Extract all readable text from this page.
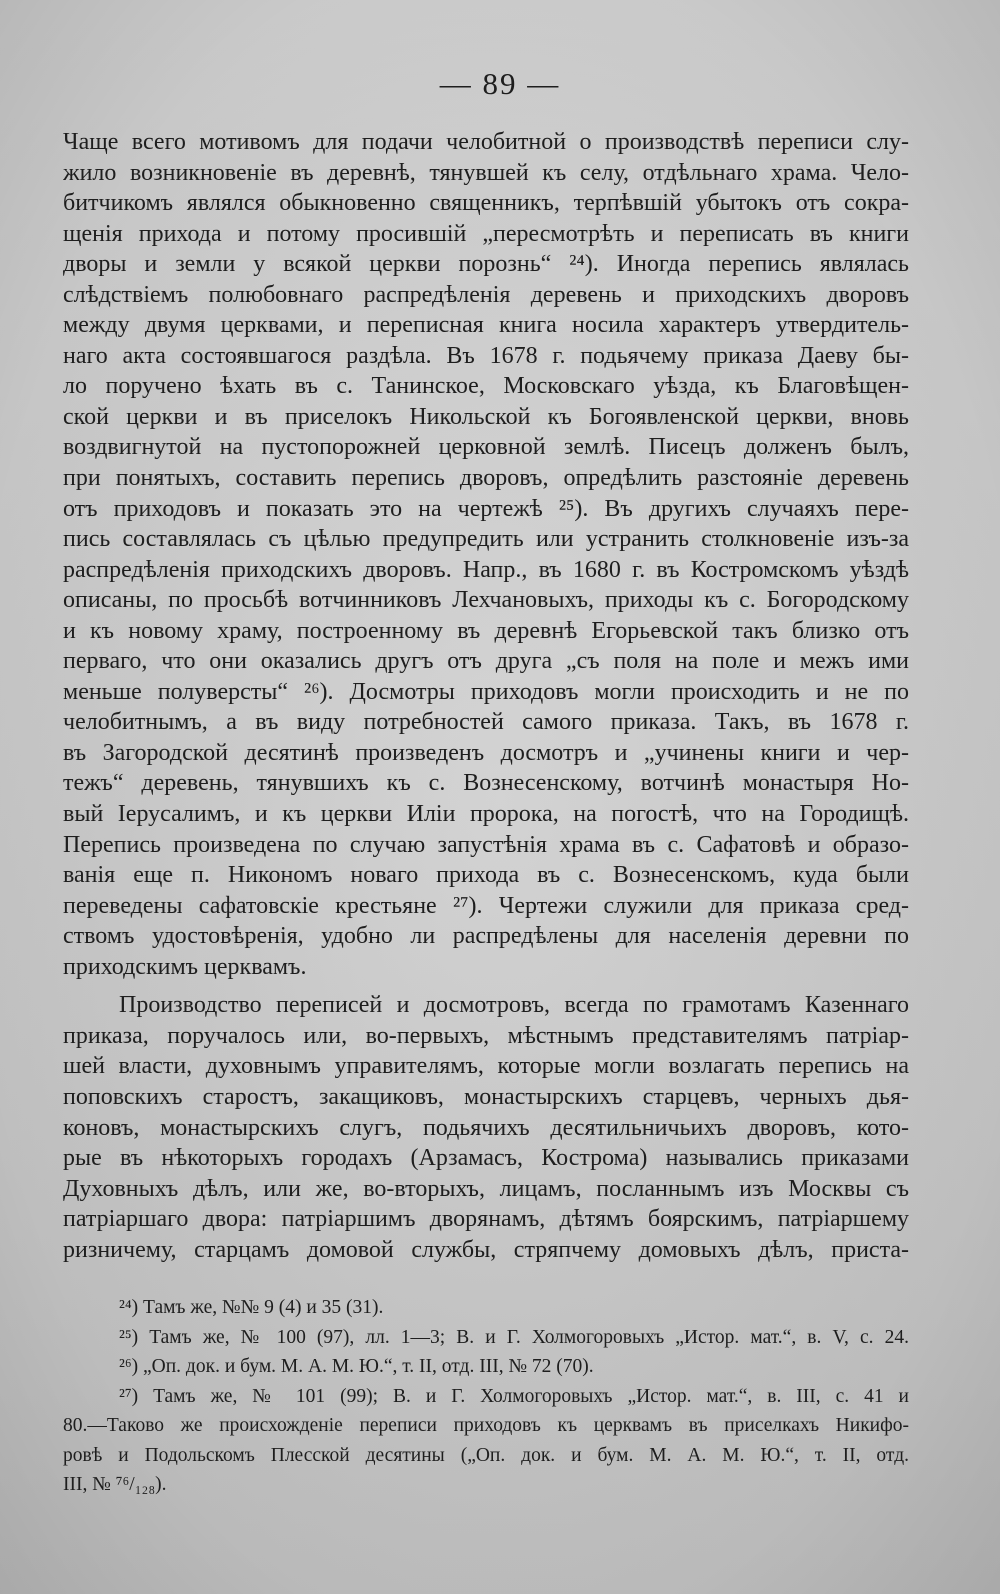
— 89 —
Чаще всего мотивомъ для подачи челобитной о производствѣ переписи слу-
жило возникновеніе въ деревнѣ, тянувшей къ селу, отдѣльнаго храма. Чело-
битчикомъ являлся обыкновенно священникъ, терпѣвшій убытокъ отъ сокра-
щенія прихода и потому просившій „пересмотрѣть и переписать въ книги
дворы и земли у всякой церкви порознь“ ²⁴). Иногда перепись являлась
слѣдствіемъ полюбовнаго распредѣленія деревень и приходскихъ дворовъ
между двумя церквами, и переписная книга носила характеръ утвердитель-
наго акта состоявшагося раздѣла. Въ 1678 г. подьячему приказа Даеву бы-
ло поручено ѣхать въ с. Танинское, Московскаго уѣзда, къ Благовѣщен-
ской церкви и въ приселокъ Никольской къ Богоявленской церкви, вновь
воздвигнутой на пустопорожней церковной землѣ. Писецъ долженъ былъ,
при понятыхъ, составить перепись дворовъ, опредѣлить разстояніе деревень
отъ приходовъ и показать это на чертежѣ ²⁵). Въ другихъ случаяхъ пере-
пись составлялась съ цѣлью предупредить или устранить столкновеніе изъ-за
распредѣленія приходскихъ дворовъ. Напр., въ 1680 г. въ Костромскомъ уѣздѣ
описаны, по просьбѣ вотчинниковъ Лехчановыхъ, приходы къ с. Богородскому
и къ новому храму, построенному въ деревнѣ Егорьевской такъ близко отъ
перваго, что они оказались другъ отъ друга „съ поля на поле и межъ ими
меньше полуверсты“ ²⁶). Досмотры приходовъ могли происходить и не по
челобитнымъ, а въ виду потребностей самого приказа. Такъ, въ 1678 г.
въ Загородской десятинѣ произведенъ досмотръ и „учинены книги и чер-
тежъ“ деревень, тянувшихъ къ с. Вознесенскому, вотчинѣ монастыря Но-
вый Іерусалимъ, и къ церкви Иліи пророка, на погостѣ, что на Городищѣ.
Перепись произведена по случаю запустѣнія храма въ с. Сафатовѣ и образо-
ванія еще п. Никономъ новаго прихода въ с. Вознесенскомъ, куда были
переведены сафатовскіе крестьяне ²⁷). Чертежи служили для приказа сред-
ствомъ удостовѣренія, удобно ли распредѣлены для населенія деревни по
приходскимъ церквамъ.
Производство переписей и досмотровъ, всегда по грамотамъ Казеннаго
приказа, поручалось или, во-первыхъ, мѣстнымъ представителямъ патріар-
шей власти, духовнымъ управителямъ, которые могли возлагать перепись на
поповскихъ старостъ, закащиковъ, монастырскихъ старцевъ, черныхъ дья-
коновъ, монастырскихъ слугъ, подьячихъ десятильничьихъ дворовъ, кото-
рые въ нѣкоторыхъ городахъ (Арзамасъ, Кострома) назывались приказами
Духовныхъ дѣлъ, или же, во-вторыхъ, лицамъ, посланнымъ изъ Москвы съ
патріаршаго двора: патріаршимъ дворянамъ, дѣтямъ боярскимъ, патріаршему
ризничему, старцамъ домовой службы, стряпчему домовыхъ дѣлъ, приста-
²⁴) Тамъ же, №№ 9 (4) и 35 (31).
²⁵) Тамъ же, № 100 (97), лл. 1—3; В. и Г. Холмогоровыхъ „Истор. мат.“, в. V, с. 24.
²⁶) „Оп. док. и бум. М. А. М. Ю.“, т. II, отд. III, № 72 (70).
²⁷) Тамъ же, № 101 (99); В. и Г. Холмогоровыхъ „Истор. мат.“, в. III, с. 41 и
80.—Таково же происхожденіе переписи приходовъ къ церквамъ въ приселкахъ Никифо-
ровѣ и Подольскомъ Плесской десятины („Оп. док. и бум. М. А. М. Ю.“, т. II, отд.
III, № ⁷⁶/₁₂₈).
